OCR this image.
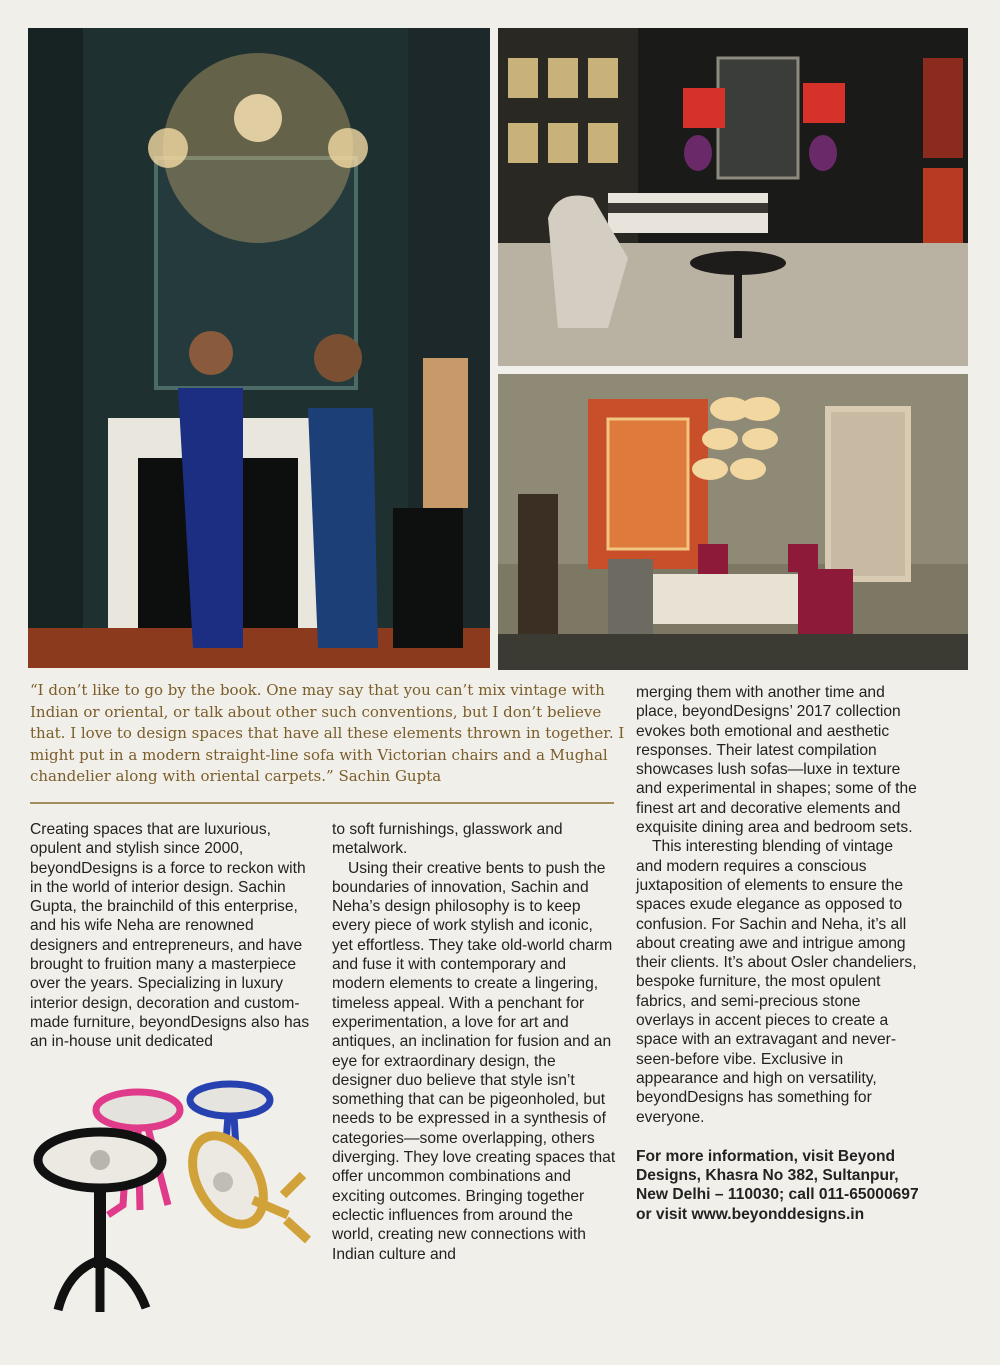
“I don’t like to go by the book. One may say that you can’t mix vintage with Indian or oriental, or talk about other such conventions, but I don’t believe that. I love to design spaces that have all these elements thrown in together. I might put in a modern straight-line sofa with Victorian chairs and a Mughal chandelier along with oriental carpets.” Sachin Gupta

Creating spaces that are luxurious, opulent and stylish since 2000, beyondDesigns is a force to reckon with in the world of interior design. Sachin Gupta, the brainchild of this enterprise, and his wife Neha are renowned designers and entrepreneurs, and have brought to fruition many a masterpiece over the years. Specializing in luxury interior design, decoration and custom-made furniture, beyondDesigns also has an in-house unit dedicated

to soft furnishings, glasswork and metalwork.

Using their creative bents to push the boundaries of innovation, Sachin and Neha’s design philosophy is to keep every piece of work stylish and iconic, yet effortless. They take old-world charm and fuse it with contemporary and modern elements to create a lingering, timeless appeal. With a penchant for experimentation, a love for art and antiques, an inclination for fusion and an eye for extraordinary design, the designer duo believe that style isn’t something that can be pigeonholed, but needs to be expressed in a synthesis of categories—some overlapping, others diverging. They love creating spaces that offer uncommon combinations and exciting outcomes. Bringing together eclectic influences from around the world, creating new connections with Indian culture and

merging them with another time and place, beyondDesigns’ 2017 collection evokes both emotional and aesthetic responses. Their latest compilation showcases lush sofas—luxe in texture and experimental in shapes; some of the finest art and decorative elements and exquisite dining area and bedroom sets.

This interesting blending of vintage and modern requires a conscious juxtaposition of elements to ensure the spaces exude elegance as opposed to confusion. For Sachin and Neha, it’s all about creating awe and intrigue among their clients. It’s about Osler chandeliers, bespoke furniture, the most opulent fabrics, and semi-precious stone overlays in accent pieces to create a space with an extravagant and never-seen-before vibe. Exclusive in appearance and high on versatility, beyondDesigns has something for everyone.

For more information, visit Beyond Designs, Khasra No 382, Sultanpur, New Delhi – 110030; call 011-65000697 or visit www.beyonddesigns.in
